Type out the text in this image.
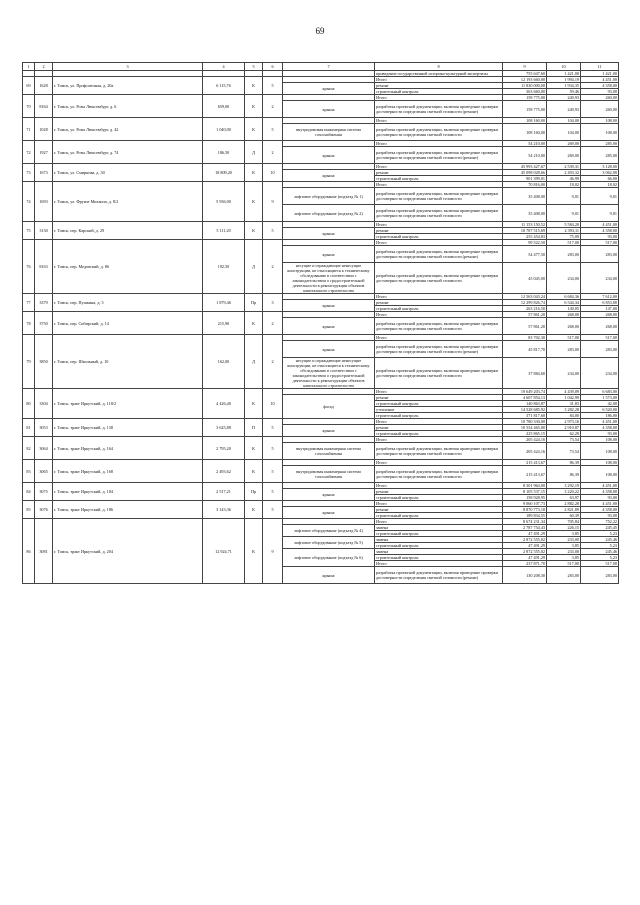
69
1	2	3	4	5	6	7	8	9	10	11
							проведение государственной историко-культурной экспертизы	755 647,60	1 421,00	1 421,00
69	1628	г. Томск, ул. Профсоюзная, д. 20а	6 115,76	К	5		Итого	12 193 660,00	1 994,19	4 451,00
						крыша	ремонт	11 830 000,00	1 934,35	4 358,00
							строительный контроль	363 660,00	59,46	93,00
70	8164	г. Томск, ул. Розы Люксембург, д. 6	659,00	К	2		Итого	158 775,00	240,93	260,00
						крыша	разработка проектной документации, включая проведение проверки достоверности определения сметной стоимости (ремонт)	158 775,00	240,93	260,00
71	1028	г. Томск, ул. Розы Люксембург, д. 42	1 040,00	К	5		Итого	108 160,00	104,00	108,00
						внутридомовая инженерная система газоснабжения	разработка проектной документации, включая проведение проверки достоверности определения сметной стоимости	108 160,00	104,00	108,00
72	1927	г. Томск, ул. Розы Люксембург, д. 74	186,50	Д	2		Итого	54 210,00	269,00	285,00
						крыша	разработка проектной документации, включая проведение проверки достоверности определения сметной стоимости (ремонт)	54 210,00	269,00	285,00
73	1673	г. Томск, ул. Смирнова, д. 30	18 809,20	К	10		Итого	45 993 427,67	2 539,31	3 128,00
						крыша	ремонт	45 098 028,66	2 493,32	3 062,00
							строительный контроль	901 399,01	46,99	66,00
74	1693	г. Томск, ул. Фрунзе Михаила, д. 8/2	5 936,00	К	9		Итого	70 816,00	18,02	18,02
						лифтовое оборудование (подъезд № 1)	разработка проектной документации, включая проведение проверки достоверности определения сметной стоимости	35 408,00	9,01	9,01
						лифтовое оборудование (подъезд № 2)	разработка проектной документации, включая проведение проверки достоверности определения сметной стоимости	35 408,00	9,01	9,01
75	3130	г. Томск, пер. Карский, д. 29	5 111,20	К	5		Итого	11 153 150,52	5 584,20	4 451,00
						крыша	ремонт	10 787 515,69	2 393,11	4 358,00
							строительный контроль	255 454,83	75,09	93,00
76	8163	г. Томск, пер. Медовский, д. 86	192,50	Д	2		Итого	99 522,50	517,00	517,00
						крыша	разработка проектной документации, включая проведение проверки достоверности определения сметной стоимости (ремонт)	54 477,50	283,00	283,00
						несущие и ограждающие ненесущие конструкции, не относящиеся к техническому обследованию в соответствии с законодательством о градостроительной деятельности в реконструкции объектов капитального строительства	разработка проектной документации, включая проведение проверки достоверности определения сметной стоимости	45 045,00	234,00	234,00
77	3379	г. Томск, пер. Пушкина, д. 5	1 879,46	Пр	3		Итого	12 563 043,24	6 684,36	7 612,00
						крыша	ремонт	12 299 826,74	6 544,34	6 853,00
							строительный контроль	263 216,50	140,05	147,00
78	3750	г. Томск, пер. Сибирский, д. 14	215,90	К	2		Итого	57 861,20	268,00	268,00
						крыша	разработка проектной документации, включая проведение проверки достоверности определения сметной стоимости	57 861,20	268,00	268,00
79	3850	г. Томск, пер. Школьный, д. 10	162,00	Д	2		Итого	83 702,30	517,00	517,00
						крыша	разработка проектной документации, включая проведение проверки достоверности определения сметной стоимости (ремонт)	45 817,70	283,00	283,00
						несущие и ограждающие ненесущие конструкции, не относящиеся к техническому обследованию в соответствии с законодательством о градостроительной деятельности к реконструкции объектов капитального строительства	разработка проектной документации, включая проведение проверки достоверности определения сметной стоимости	37 884,60	234,00	234,00
80	3304	г. Томск, тракт Иркутский, д. 118/2	4 426,40	К	10		Итого	19 649 203,74	4 439,09	6 683,00
						фасад	ремонт	4 607 854,13	1 042,99	1 573,00
							строительный контроль	140 863,87	31,83	42,00
							утепление	14 528 685,92	3 282,28	6 520,00
							строительный контроль	371 817,60	84,00	186,00
81	3053	г. Томск, тракт Иркутский, д. 138	3 625,88	П	5		Итого	10 780 330,00	2 973,16	4 451,00
						крыша	ремонт	10 554 465,00	2 910,87	4 358,00
							строительный контроль	225 865,15	62,29	93,00
82	3064	г. Томск, тракт Иркутский, д. 164	2 795,20	К	5		Итого	205 424,16	73,54	108,00
						внутридомовая инженерная система газоснабжения	разработка проектной документации, включая проведение проверки достоверности определения сметной стоимости	205 424,16	73,54	108,00
83	3065	г. Томск, тракт Иркутский, д. 168	2 493,62	К	5		Итого	215 413,67	86,39	108,00
						внутридомовая инженерная система газоснабжения	разработка проектной документации, включая проведение проверки достоверности определения сметной стоимости	215 413,67	86,39	108,00
84	3075	г. Томск, тракт Иркутский, д. 184	2 517,21	Пр	5		Итого	8 301 964,00	3 292,19	4 451,00
						крыша	ремонт	8 105 537,15	3 220,22	4 358,00
							строительный контроль	158 928,95	63,97	93,00
85	3076	г. Томск, тракт Иркутский, д. 186	3 143,36	К	5		Итого	9 060 107,73	2 882,28	4 451,00
						крыша	ремонт	8 870 773,18	2 821,89	4 358,00
							строительный контроль	189 834,55	60,39	93,00
86	3081	г. Томск, тракт Иркутский, д. 204	12 924,71	К	9		Итого	8 674 231,34	705,84	752,22
						лифтовое оборудование (подъезд № 4)	замена	2 787 754,43	226,15	245,45
							строительный контроль	47 491,29	3,85	5,23
						лифтовое оборудование (подъезд № 5)	замена	2 872 555,02	233,00	245,46
							строительный контроль	47 491,29	3,85	5,23
						лифтовое оборудование (подъезд № 6)	замена	2 872 555,02	233,00	245,46
							строительный контроль	47 491,29	3,85	5,23
							Итого	237 871,70	517,00	517,00
						крыша	разработка проектной документации, включая проведение проверки достоверности определения сметной стоимости (ремонт)	130 208,30	283,00	283,00
